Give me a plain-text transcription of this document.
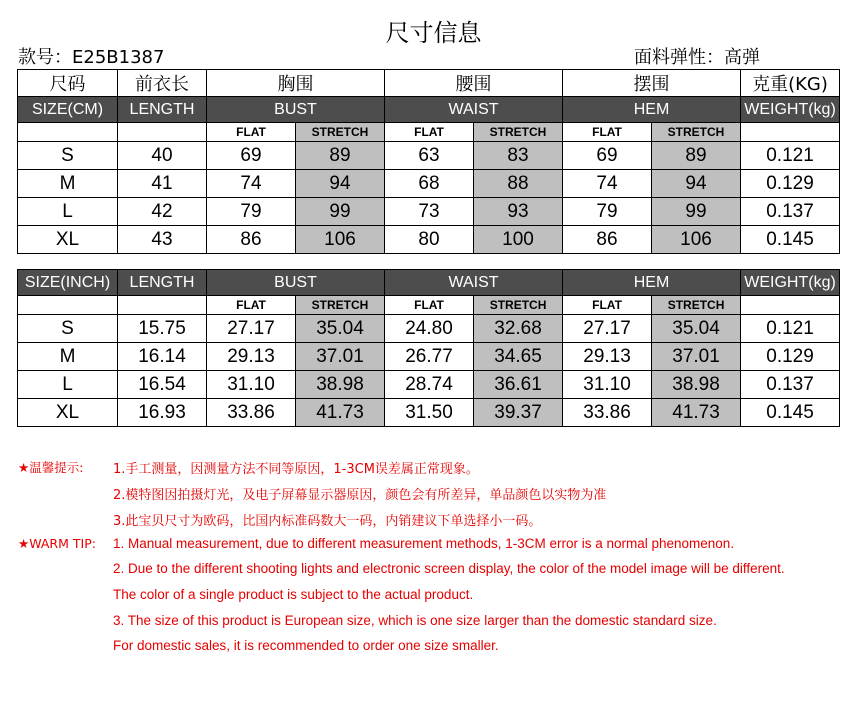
尺寸信息
款号：E25B1387	面料弹性：高弹
尺码	前衣长	胸围		腰围		摆围		克重(KG)
SIZE(CM)	LENGTH	BUST		WAIST		HEM		WEIGHT(kg)
		FLAT	STRETCH	FLAT	STRETCH	FLAT	STRETCH	
S	40	69	89	63	83	69	89	0.121
M	41	74	94	68	88	74	94	0.129
L	42	79	99	73	93	79	99	0.137
XL	43	86	106	80	100	86	106	0.145
SIZE(INCH)	LENGTH	BUST		WAIST		HEM		WEIGHT(kg)
		FLAT	STRETCH	FLAT	STRETCH	FLAT	STRETCH	
S	15.75	27.17	35.04	24.80	32.68	27.17	35.04	0.121
M	16.14	29.13	37.01	26.77	34.65	29.13	37.01	0.129
L	16.54	31.10	38.98	28.74	36.61	31.10	38.98	0.137
XL	16.93	33.86	41.73	31.50	39.37	33.86	41.73	0.145
★温馨提示: 1.手工测量，因测量方法不同等原因，1-3CM误差属正常现象。
2.模特图因拍摄灯光，及电子屏幕显示器原因，颜色会有所差异，单品颜色以实物为准
3.此宝贝尺寸为欧码，比国内标准码数大一码，内销建议下单选择小一码。
★WARM TIP: 1. Manual measurement, due to different measurement methods, 1-3CM error is a normal phenomenon.
2. Due to the different shooting lights and electronic screen display, the color of the model image will be different.
The color of a single product is subject to the actual product.
3. The size of this product is European size, which is one size larger than the domestic standard size.
For domestic sales, it is recommended to order one size smaller.
